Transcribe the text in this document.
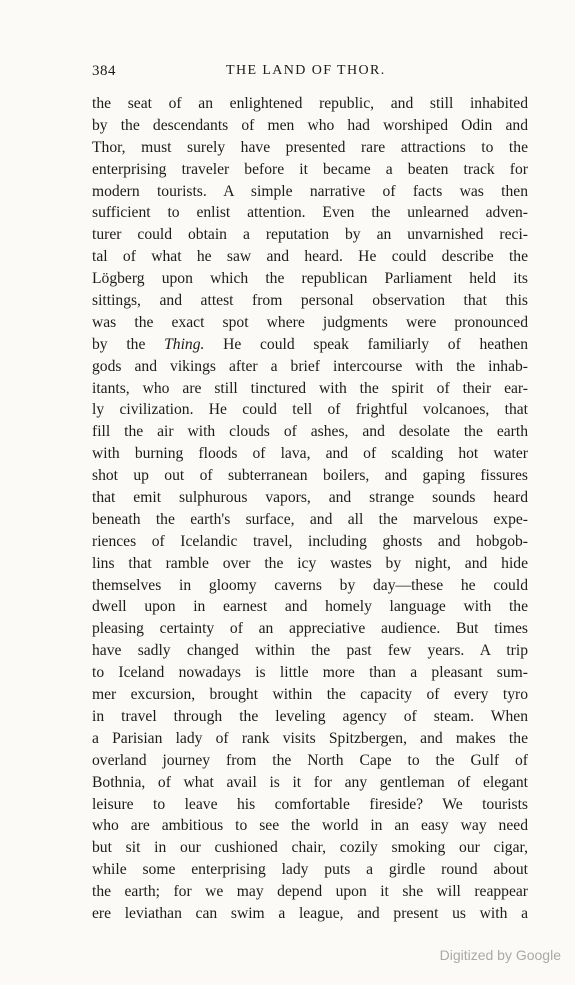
384	THE LAND OF THOR.
the seat of an enlightened republic, and still inhabited
by the descendants of men who had worshiped Odin and
Thor, must surely have presented rare attractions to the
enterprising traveler before it became a beaten track for
modern tourists. A simple narrative of facts was then
sufficient to enlist attention. Even the unlearned adven-
turer could obtain a reputation by an unvarnished reci-
tal of what he saw and heard. He could describe the
Lögberg upon which the republican Parliament held its
sittings, and attest from personal observation that this
was the exact spot where judgments were pronounced
by the Thing. He could speak familiarly of heathen
gods and vikings after a brief intercourse with the inhab-
itants, who are still tinctured with the spirit of their ear-
ly civilization. He could tell of frightful volcanoes, that
fill the air with clouds of ashes, and desolate the earth
with burning floods of lava, and of scalding hot water
shot up out of subterranean boilers, and gaping fissures
that emit sulphurous vapors, and strange sounds heard
beneath the earth's surface, and all the marvelous expe-
riences of Icelandic travel, including ghosts and hobgob-
lins that ramble over the icy wastes by night, and hide
themselves in gloomy caverns by day—these he could
dwell upon in earnest and homely language with the
pleasing certainty of an appreciative audience. But times
have sadly changed within the past few years. A trip
to Iceland nowadays is little more than a pleasant sum-
mer excursion, brought within the capacity of every tyro
in travel through the leveling agency of steam. When
a Parisian lady of rank visits Spitzbergen, and makes the
overland journey from the North Cape to the Gulf of
Bothnia, of what avail is it for any gentleman of elegant
leisure to leave his comfortable fireside? We tourists
who are ambitious to see the world in an easy way need
but sit in our cushioned chair, cozily smoking our cigar,
while some enterprising lady puts a girdle round about
the earth; for we may depend upon it she will reappear
ere leviathan can swim a league, and present us with a
Digitized by Google
